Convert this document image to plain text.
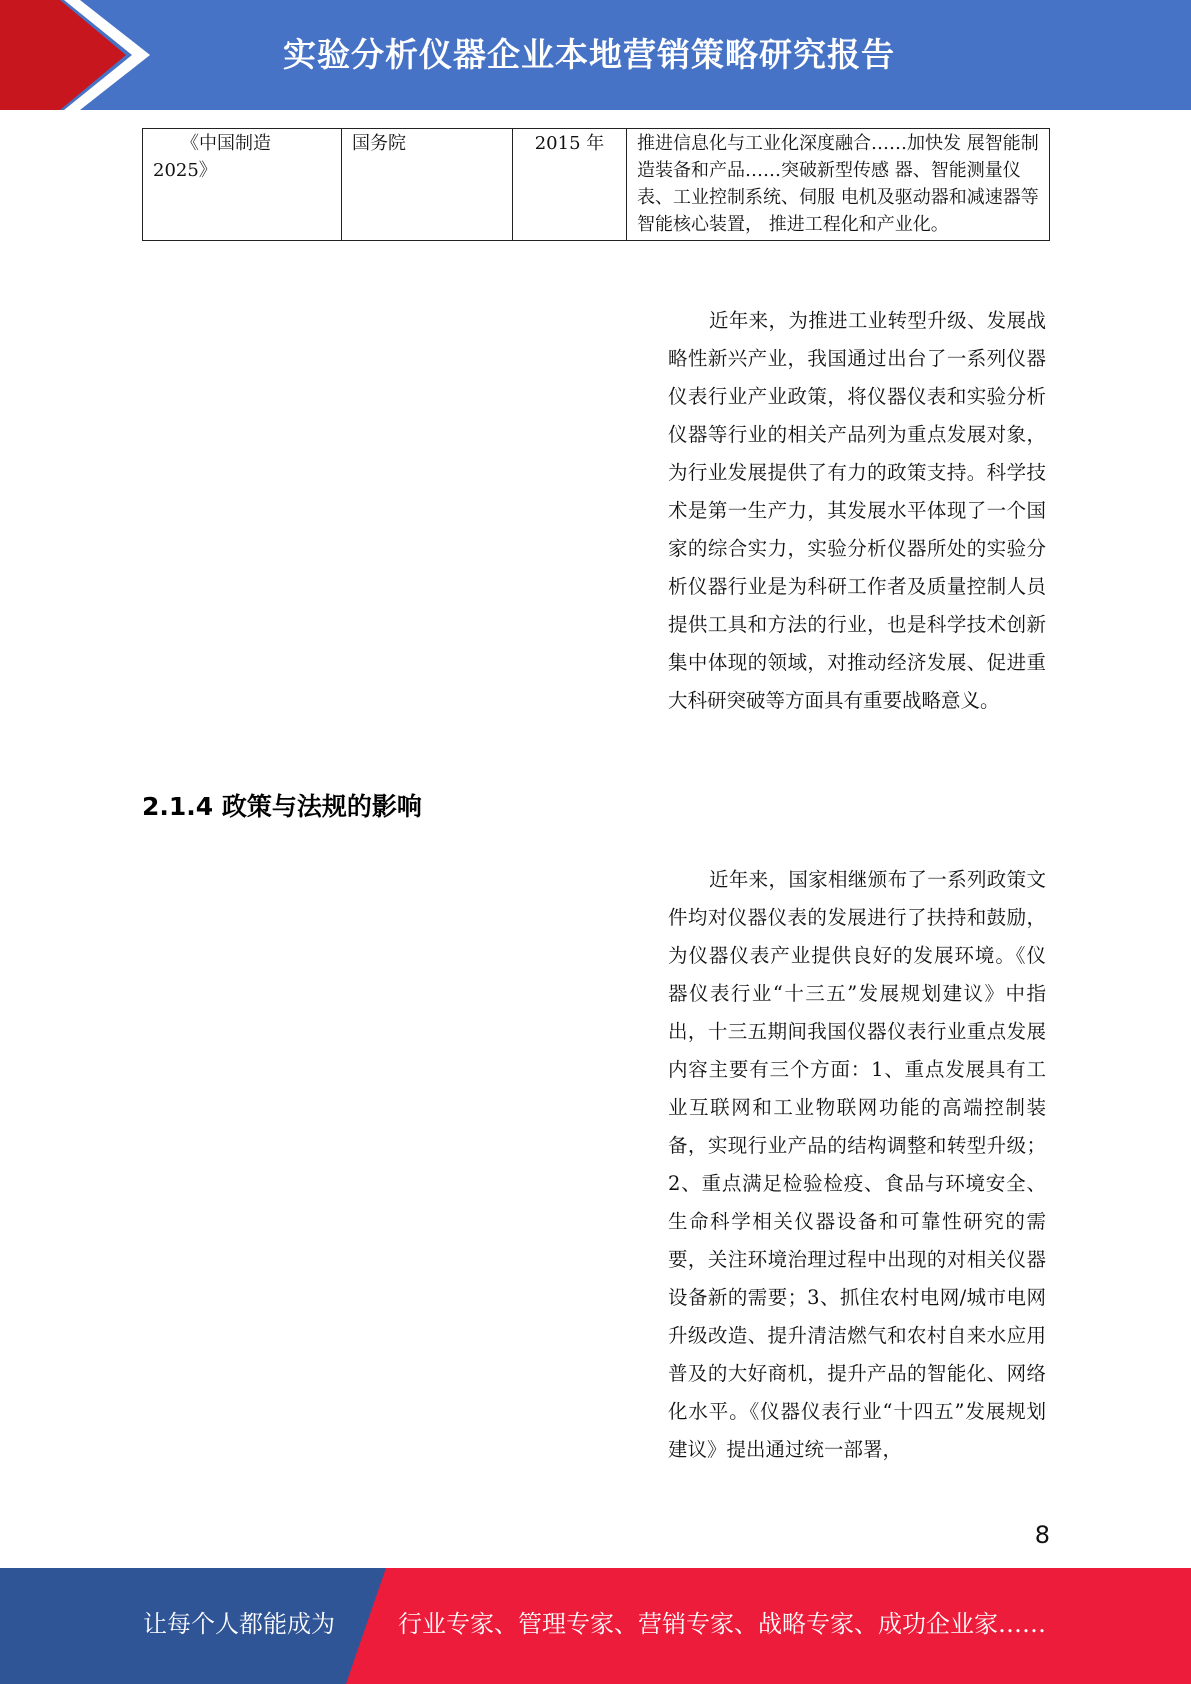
实验分析仪器企业本地营销策略研究报告
《中国制造 2025》	国务院	2015 年	推进信息化与工业化深度融合……加快发 展智能制造装备和产品……突破新型传感 器、智能测量仪表、工业控制系统、伺服 电机及驱动器和减速器等智能核心装置， 推进工程化和产业化。

近年来，为推进工业转型升级、发展战略性新兴产业，我国通过出台了一系列仪器仪表行业产业政策，将仪器仪表和实验分析仪器等行业的相关产品列为重点发展对象，为行业发展提供了有力的政策支持。科学技术是第一生产力，其发展水平体现了一个国家的综合实力，实验分析仪器所处的实验分析仪器行业是为科研工作者及质量控制人员提供工具和方法的行业，也是科学技术创新集中体现的领域，对推动经济发展、促进重大科研突破等方面具有重要战略意义。

2.1.4 政策与法规的影响

近年来，国家相继颁布了一系列政策文件均对仪器仪表的发展进行了扶持和鼓励，为仪器仪表产业提供良好的发展环境。《仪器仪表行业“十三五”发展规划建议》中指出，十三五期间我国仪器仪表行业重点发展内容主要有三个方面：1、重点发展具有工业互联网和工业物联网功能的高端控制装备，实现行业产品的结构调整和转型升级；2、重点满足检验检疫、食品与环境安全、生命科学相关仪器设备和可靠性研究的需要，关注环境治理过程中出现的对相关仪器设备新的需要；3、抓住农村电网/城市电网升级改造、提升清洁燃气和农村自来水应用普及的大好商机，提升产品的智能化、网络化水平。《仪器仪表行业“十四五”发展规划建议》提出通过统一部署，

8
让每个人都能成为	行业专家、管理专家、营销专家、战略专家、成功企业家……
